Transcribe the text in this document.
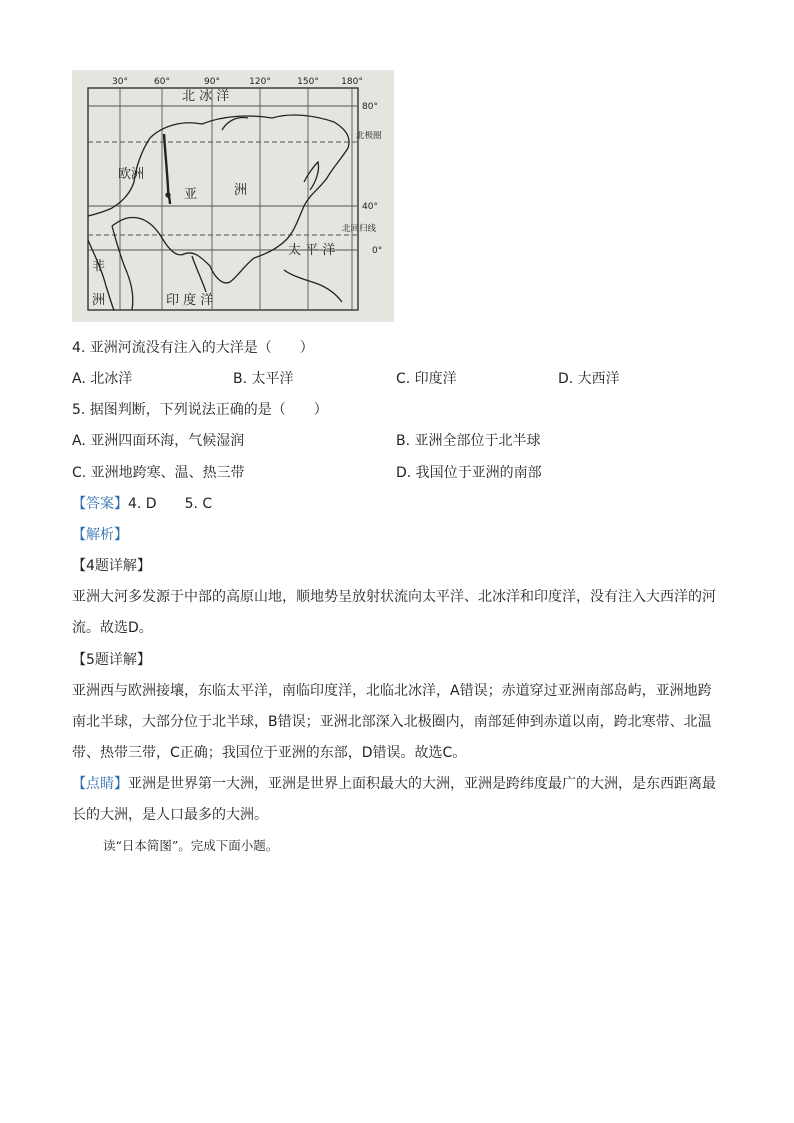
30°	60°	90°	120°	150° 180°
80°
40°
0°
北极圈
北回归线
北 冰 洋
欧洲
亚	洲
太 平 洋
非
洲	印 度 洋
4. 亚洲河流没有注入的大洋是（　　）
A. 北冰洋	B. 太平洋	C. 印度洋	D. 大西洋
5. 据图判断，下列说法正确的是（　　）
A. 亚洲四面环海，气候湿润	B. 亚洲全部位于北半球
C. 亚洲地跨寒、温、热三带	D. 我国位于亚洲的南部
【答案】4. D　　5. C
【解析】
【4题详解】
亚洲大河多发源于中部的高原山地，顺地势呈放射状流向太平洋、北冰洋和印度洋，没有注入大西洋的河流。故选D。
【5题详解】
亚洲西与欧洲接壤，东临太平洋，南临印度洋，北临北冰洋，A错误；赤道穿过亚洲南部岛屿，亚洲地跨南北半球，大部分位于北半球，B错误；亚洲北部深入北极圈内，南部延伸到赤道以南，跨北寒带、北温带、热带三带，C正确；我国位于亚洲的东部，D错误。故选C。
【点睛】亚洲是世界第一大洲，亚洲是世界上面积最大的大洲，亚洲是跨纬度最广的大洲，是东西距离最长的大洲，是人口最多的大洲。
读“日本简图”。完成下面小题。
